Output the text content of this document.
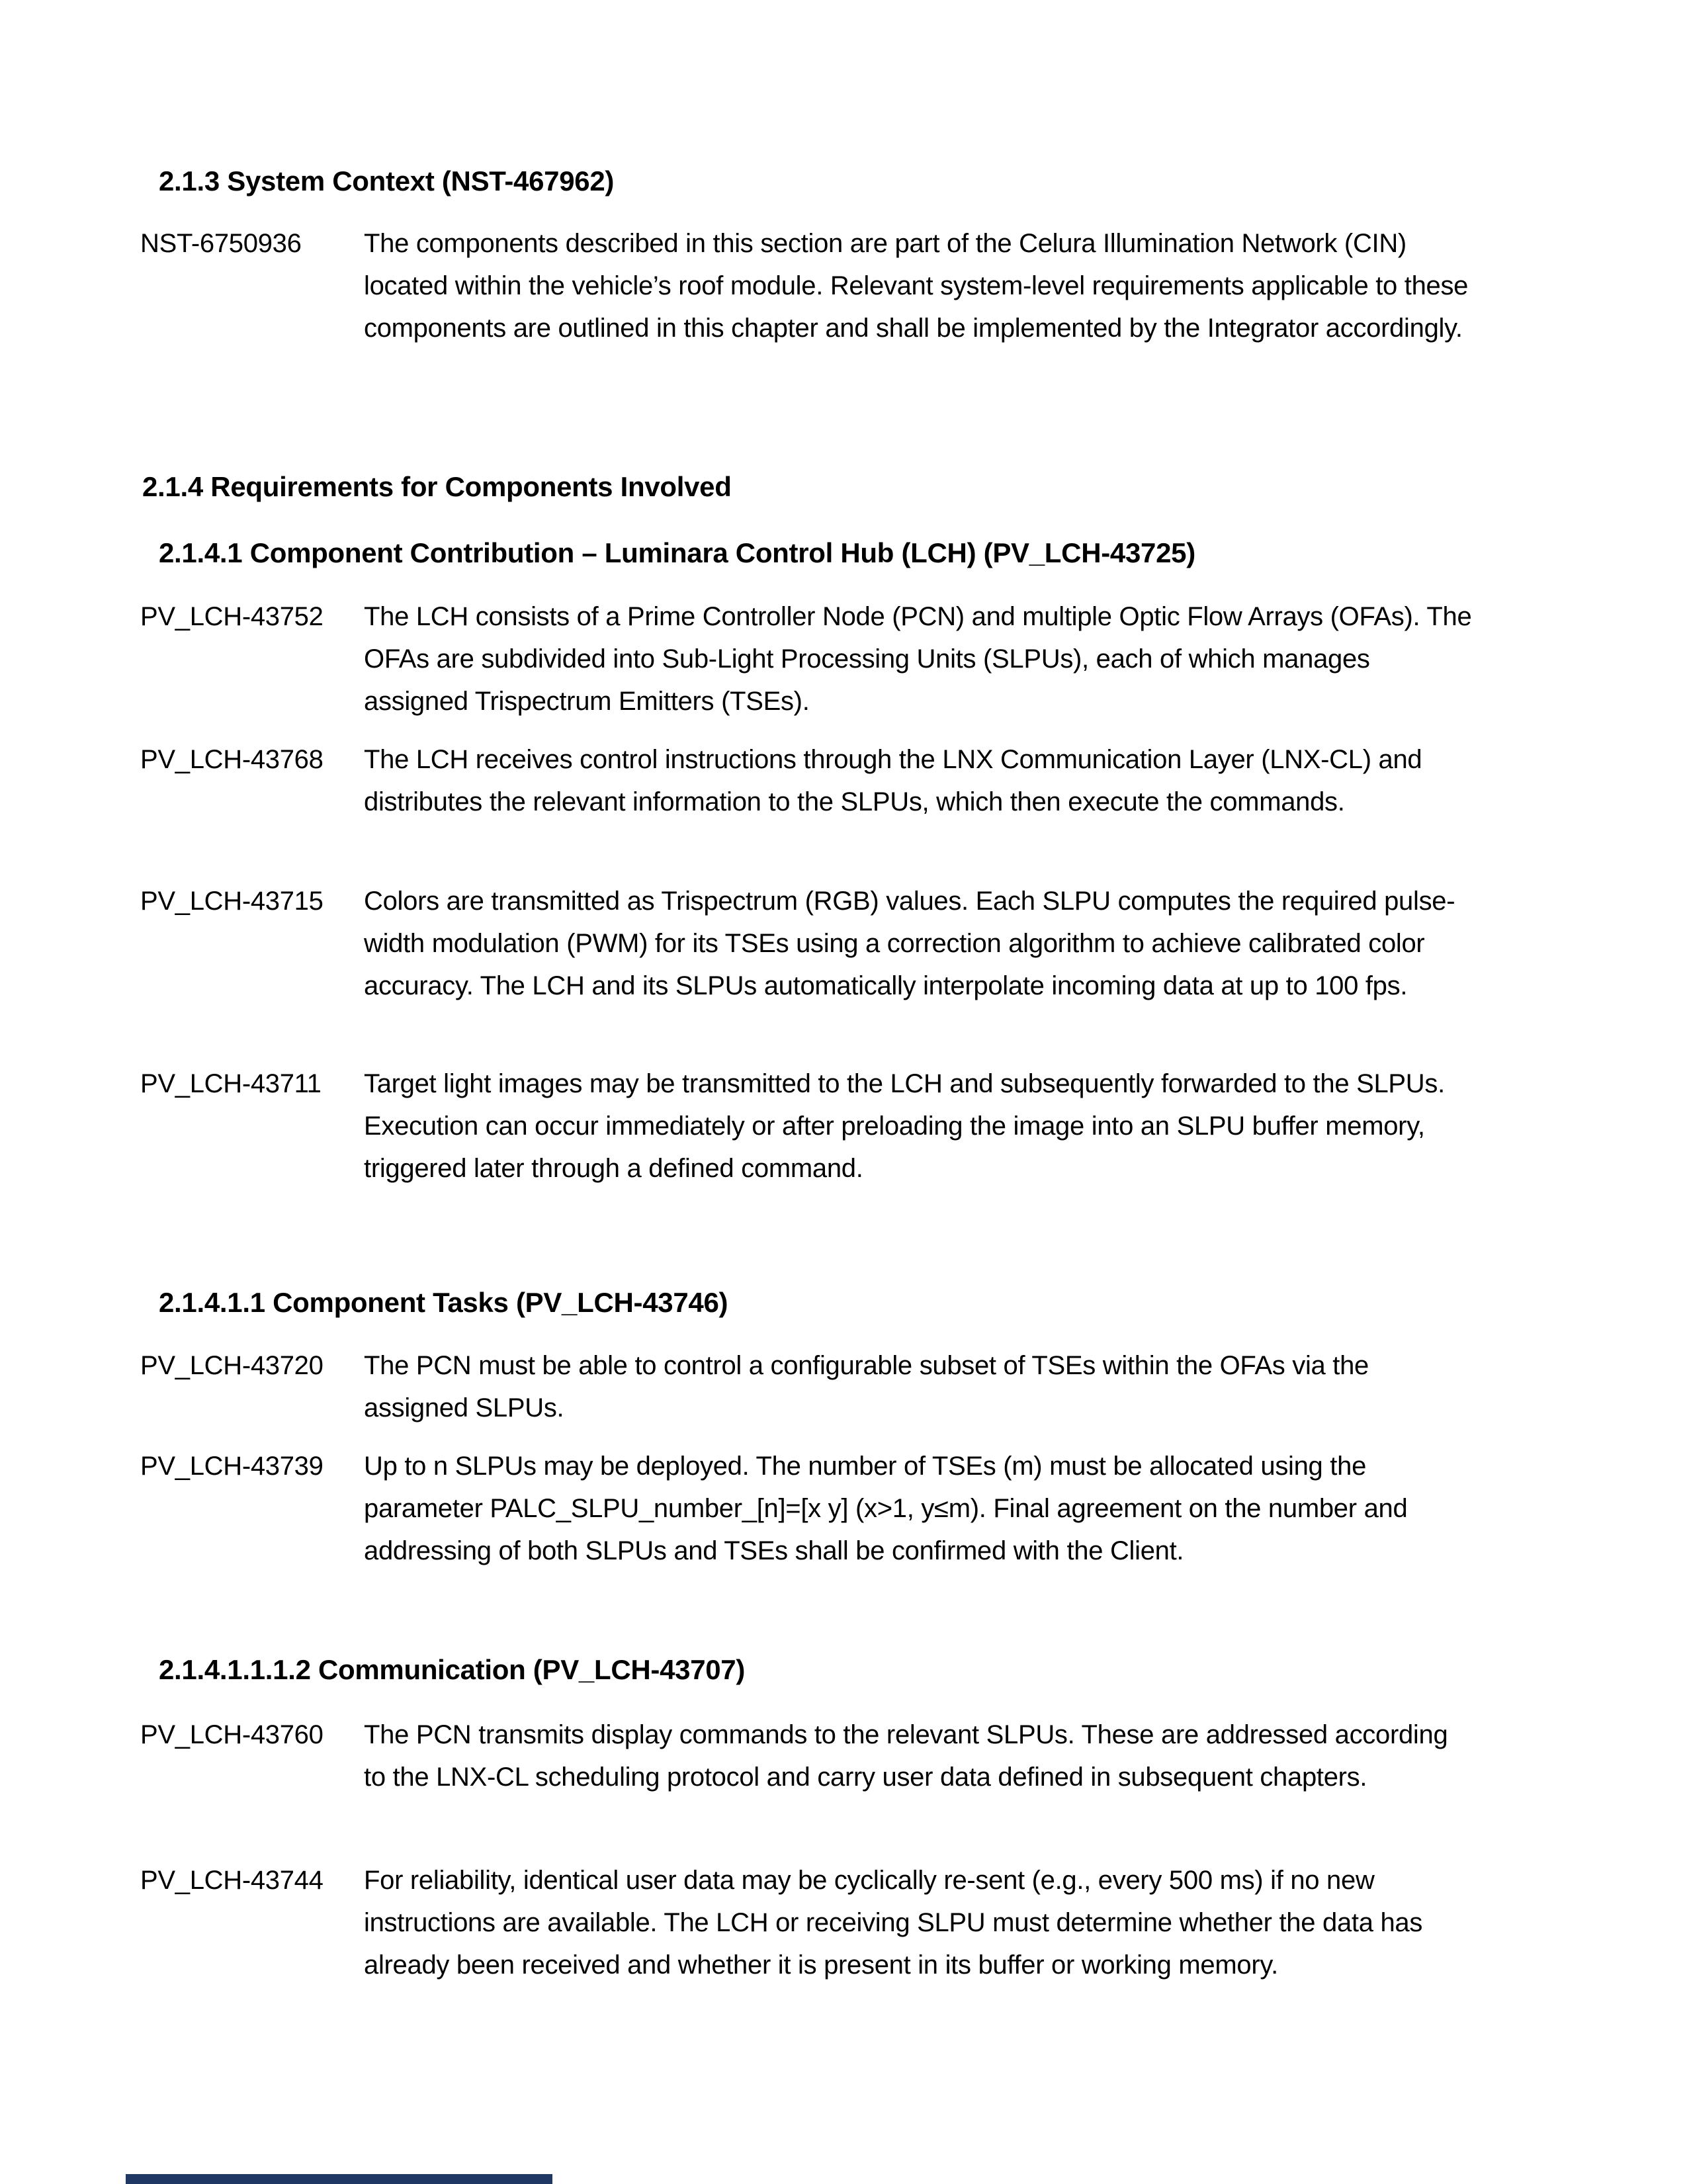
2.1.3 System Context (NST-467962)
NST-6750936 The components described in this section are part of the Celura Illumination Network (CIN) located within the vehicle’s roof module. Relevant system-level requirements applicable to these components are outlined in this chapter and shall be implemented by the Integrator accordingly.
2.1.4 Requirements for Components Involved
2.1.4.1 Component Contribution – Luminara Control Hub (LCH) (PV_LCH-43725)
PV_LCH-43752 The LCH consists of a Prime Controller Node (PCN) and multiple Optic Flow Arrays (OFAs). The OFAs are subdivided into Sub-Light Processing Units (SLPUs), each of which manages assigned Trispectrum Emitters (TSEs).
PV_LCH-43768 The LCH receives control instructions through the LNX Communication Layer (LNX-CL) and distributes the relevant information to the SLPUs, which then execute the commands.
PV_LCH-43715 Colors are transmitted as Trispectrum (RGB) values. Each SLPU computes the required pulse-width modulation (PWM) for its TSEs using a correction algorithm to achieve calibrated color accuracy. The LCH and its SLPUs automatically interpolate incoming data at up to 100 fps.
PV_LCH-43711 Target light images may be transmitted to the LCH and subsequently forwarded to the SLPUs. Execution can occur immediately or after preloading the image into an SLPU buffer memory, triggered later through a defined command.
2.1.4.1.1 Component Tasks (PV_LCH-43746)
PV_LCH-43720 The PCN must be able to control a configurable subset of TSEs within the OFAs via the assigned SLPUs.
PV_LCH-43739 Up to n SLPUs may be deployed. The number of TSEs (m) must be allocated using the parameter PALC_SLPU_number_[n]=[x y] (x>1, y≤m). Final agreement on the number and addressing of both SLPUs and TSEs shall be confirmed with the Client.
2.1.4.1.1.1.2 Communication (PV_LCH-43707)
PV_LCH-43760 The PCN transmits display commands to the relevant SLPUs. These are addressed according to the LNX-CL scheduling protocol and carry user data defined in subsequent chapters.
PV_LCH-43744 For reliability, identical user data may be cyclically re-sent (e.g., every 500 ms) if no new instructions are available. The LCH or receiving SLPU must determine whether the data has already been received and whether it is present in its buffer or working memory.
